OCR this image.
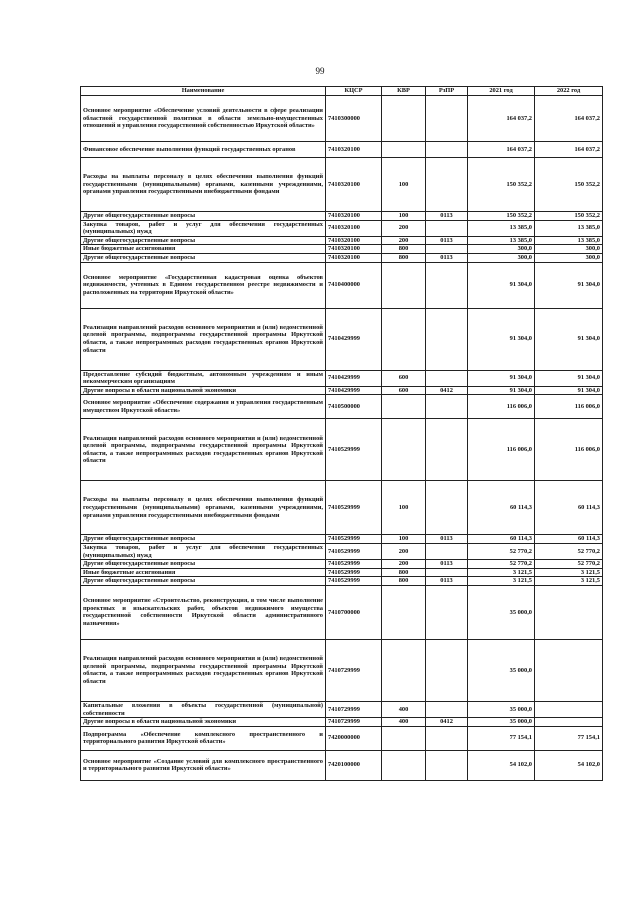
99
Наименование	КЦСР	КВР	РзПР	2021 год	2022 год
Основное мероприятие «Обеспечение условий деятельности в сфере реализации областной государственной политики в области земельно-имущественных отношений и управления государственной собственностью Иркутской области»	7410300000			164 037,2	164 037,2
Финансовое обеспечение выполнения функций государственных органов	7410320100			164 037,2	164 037,2
Расходы на выплаты персоналу в целях обеспечения выполнения функций государственными (муниципальными) органами, казенными учреждениями, органами управления государственными внебюджетными фондами	7410320100	100		150 352,2	150 352,2
Другие общегосударственные вопросы	7410320100	100	0113	150 352,2	150 352,2
Закупка товаров, работ и услуг для обеспечения государственных (муниципальных) нужд	7410320100	200		13 385,0	13 385,0
Другие общегосударственные вопросы	7410320100	200	0113	13 385,0	13 385,0
Иные бюджетные ассигнования	7410320100	800		300,0	300,0
Другие общегосударственные вопросы	7410320100	800	0113	300,0	300,0
Основное мероприятие «Государственная кадастровая оценка объектов недвижимости, учтенных в Едином государственном реестре недвижимости и расположенных на территории Иркутской области»	7410400000			91 304,0	91 304,0
Реализация направлений расходов основного мероприятия и (или) ведомственной целевой программы, подпрограммы государственной программы Иркутской области, а также непрограммных расходов государственных органов Иркутской области	7410429999			91 304,0	91 304,0
Предоставление субсидий бюджетным, автономным учреждениям и иным некоммерческим организациям	7410429999	600		91 304,0	91 304,0
Другие вопросы в области национальной экономики	7410429999	600	0412	91 304,0	91 304,0
Основное мероприятие «Обеспечение содержания и управления государственным имуществом Иркутской области»	7410500000			116 006,0	116 006,0
Реализация направлений расходов основного мероприятия и (или) ведомственной целевой программы, подпрограммы государственной программы Иркутской области, а также непрограммных расходов государственных органов Иркутской области	7410529999			116 006,0	116 006,0
Расходы на выплаты персоналу в целях обеспечения выполнения функций государственными (муниципальными) органами, казенными учреждениями, органами управления государственными внебюджетными фондами	7410529999	100		60 114,3	60 114,3
Другие общегосударственные вопросы	7410529999	100	0113	60 114,3	60 114,3
Закупка товаров, работ и услуг для обеспечения государственных (муниципальных) нужд	7410529999	200		52 770,2	52 770,2
Другие общегосударственные вопросы	7410529999	200	0113	52 770,2	52 770,2
Иные бюджетные ассигнования	7410529999	800		3 121,5	3 121,5
Другие общегосударственные вопросы	7410529999	800	0113	3 121,5	3 121,5
Основное мероприятие «Строительство, реконструкция, в том числе выполнение проектных и изыскательских работ, объектов недвижимого имущества государственной собственности Иркутской области административного назначения»	7410700000			35 000,0	
Реализация направлений расходов основного мероприятия и (или) ведомственной целевой программы, подпрограммы государственной программы Иркутской области, а также непрограммных расходов государственных органов Иркутской области	7410729999			35 000,0	
Капитальные вложения в объекты государственной (муниципальной) собственности	7410729999	400		35 000,0	
Другие вопросы в области национальной экономики	7410729999	400	0412	35 000,0	
Подпрограмма «Обеспечение комплексного пространственного и территориального развития Иркутской области»	7420000000			77 154,1	77 154,1
Основное мероприятие «Создание условий для комплексного пространственного и территориального развития Иркутской области»	7420100000			54 102,0	54 102,0
